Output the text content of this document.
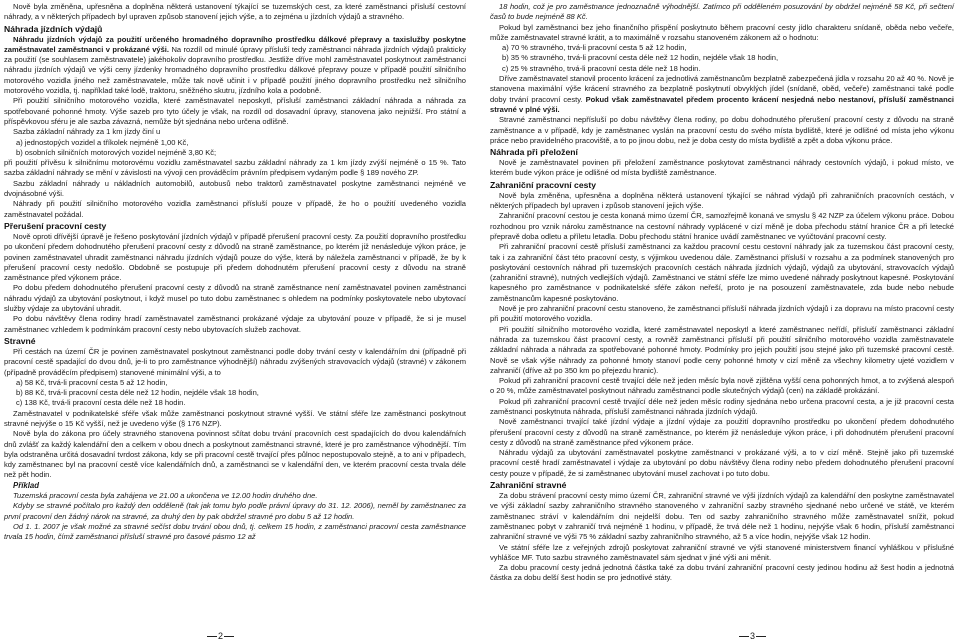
Nově byla změněna, upřesněna a doplněna některá ustanovení týkající se tuzemských cest, za které zaměstnanci přísluší cestovní náhrady, a v některých případech byl upraven způsob stanovení jejich výše, a to zejména u jízdních výdajů a stravného.

Náhrada jízdních výdajů

Náhradu jízdních výdajů za použití určeného hromadného dopravního prostředku dálkové přepravy a taxislužby poskytne zaměstnavatel zaměstnanci v prokázané výši. Na rozdíl od minulé úpravy přísluší tedy zaměstnanci náhrada jízdních výdajů prakticky za použití (se souhlasem zaměstnavatele) jakéhokoliv dopravního prostředku. Jestliže dříve mohl zaměstnavatel poskytnout zaměstnanci náhradu jízdních výdajů ve výši ceny jízdenky hromadného dopravního prostředku dálkové přepravy pouze v případě použití silničního motorového vozidla jiného než zaměstnavatele, může tak nově učinit i v případě použití jiného dopravního prostředku než silničního motorového vozidla, tj. například také lodě, traktoru, sněžného skutru, jízdního kola a podobně.

Při použití silničního motorového vozidla, které zaměstnavatel neposkytl, přísluší zaměstnanci základní náhrada a náhrada za spotřebované pohonné hmoty. Výše sazeb pro tyto účely je však, na rozdíl od dosavadní úpravy, stanovena jako nejnižší. Pro státní a příspěvkovou sféru je ale sazba závazná, nemůže být sjednána nebo určena odlišně.

Sazba základní náhrady za 1 km jízdy činí u

a) jednostopých vozidel a tříkolek nejméně 1,00 Kč,

b) osobních silničních motorových vozidel nejméně 3,80 Kč;

při použití přívěsu k silničnímu motorovému vozidlu zaměstnavatel sazbu základní náhrady za 1 km jízdy zvýší nejméně o 15 %. Tato sazba základní náhrady se mění v závislosti na vývoji cen prováděcím právním předpisem vydaným podle § 189 nového ZP.

Sazbu základní náhrady u nákladních automobilů, autobusů nebo traktorů zaměstnavatel poskytne zaměstnanci nejméně ve dvojnásobné výši.

Náhrady při použití silničního motorového vozidla zaměstnanci přísluší pouze v případě, že ho o použití uvedeného vozidla zaměstnavatel požádal.

Přerušení pracovní cesty

Nově oproti dřívější úpravě je řešeno poskytování jízdních výdajů v případě přerušení pracovní cesty. Za použití dopravního prostředku po ukončení předem dohodnutého přerušení pracovní cesty z důvodů na straně zaměstnance, po kterém již nenásleduje výkon práce, je povinen zaměstnavatel uhradit zaměstnanci náhradu jízdních výdajů pouze do výše, která by náležela zaměstnanci v případě, že by k přerušení pracovní cesty nedošlo. Obdobně se postupuje při předem dohodnutém přerušení pracovní cesty z důvodu na straně zaměstnance před výkonem práce.

Po dobu předem dohodnutého přerušení pracovní cesty z důvodů na straně zaměstnance není zaměstnavatel povinen zaměstnanci náhradu výdajů za ubytování poskytnout, i když musel po tuto dobu zaměstnanec s ohledem na podmínky poskytovatele nebo ubytovací služby výdaje za ubytování uhradit.

Po dobu návštěvy člena rodiny hradí zaměstnavatel zaměstnanci prokázané výdaje za ubytování pouze v případě, že si je musel zaměstnanec vzhledem k podmínkám pracovní cesty nebo ubytovacích služeb zachovat.

Stravné

Při cestách na území ČR je povinen zaměstnavatel poskytnout zaměstnanci podle doby trvání cesty v kalendářním dni (případně při pracovní cestě spadající do dvou dnů, je-li to pro zaměstnance výhodnější) náhradu zvýšených stravovacích výdajů (stravné) v zákonem (případně prováděcím předpisem) stanovené minimální výši, a to

a) 58 Kč, trvá-li pracovní cesta 5 až 12 hodin,

b) 88 Kč, trvá-li pracovní cesta déle než 12 hodin, nejdéle však 18 hodin,

c) 138 Kč, trvá-li pracovní cesta déle než 18 hodin.

Zaměstnavatel v podnikatelské sféře však může zaměstnanci poskytnout stravné vyšší. Ve státní sféře lze zaměstnanci poskytnout stravné nejvýše o 15 Kč vyšší, než je uvedeno výše (§ 176 NZP).

Nově byla do zákona pro účely stravného stanovena povinnost sčítat dobu trvání pracovních cest spadajících do dvou kalendářních dnů zvlášť za každý kalendářní den a celkem v obou dnech a poskytnout zaměstnanci stravné, které je pro zaměstnance výhodnější. Tím byla odstraněna určitá dosavadní tvrdost zákona, kdy se při pracovní cestě trvající přes půlnoc nepostupovalo stejně, a to ani v případech, kdy zaměstnanec byl na pracovní cestě více kalendářních dnů, a zaměstnanci se v kalendářní den, ve kterém pracovní cesta trvala déle než pět hodin.

Příklad

Tuzemská pracovní cesta byla zahájena ve 21.00 a ukončena ve 12.00 hodin druhého dne.

Kdyby se stravné počítalo pro každý den odděleně (tak jak tomu bylo podle právní úpravy do 31. 12. 2006), neměl by zaměstnanec za první pracovní den žádný nárok na stravné, za druhý den by pak obdržel stravné pro dobu 5 až 12 hodin.

Od 1. 1. 2007 je však možné za stravné sečíst dobu trvání obou dnů, tj. celkem 15 hodin, z zaměstnanci pracovní cesta zaměstnance trvala 15 hodin, čímž zaměstnanci přísluší stravné pro časové pásmo 12 až

18 hodin, což je pro zaměstnance jednoznačně výhodnější. Zatímco při odděleném posuzování by obdržel nejméně 58 Kč, při sečtení časů to bude nejméně 88 Kč.

Pokud byl zaměstnanci bez jeho finančního přispění poskytnuto během pracovní cesty jídlo charakteru snídaně, oběda nebo večeře, může zaměstnavatel stravné krátit, a to maximálně v rozsahu stanoveném zákonem až o hodnotu:

a) 70 % stravného, trvá-li pracovní cesta 5 až 12 hodin,

b) 35 % stravného, trvá-li pracovní cesta déle než 12 hodin, nejdéle však 18 hodin,

c) 25 % stravného, trvá-li pracovní cesta déle než 18 hodin.

Dříve zaměstnavatel stanovil procento krácení za jednotlivá zaměstnancům bezplatně zabezpečená jídla v rozsahu 20 až 40 %. Nově je stanovena maximální výše krácení stravného za bezplatně poskytnutí obvyklých jídel (snídaně, oběd, večeře) zaměstnanci také podle doby trvání pracovní cesty. Pokud však zaměstnavatel předem procento krácení nesjedná nebo nestanoví, přísluší zaměstnanci stravné v plné výši.

Stravné zaměstnanci nepřísluší po dobu návštěvy člena rodiny, po dobu dohodnutého přerušení pracovní cesty z důvodu na straně zaměstnance a v případě, kdy je zaměstnanec vyslán na pracovní cestu do svého místa bydliště, které je odlišné od místa jeho výkonu práce nebo pravidelného pracoviště, a to po jinou dobu, než je doba cesty do místa bydliště a zpět a doba výkonu práce.

Náhrada při přeložení

Nově je zaměstnavatel povinen při přeložení zaměstnance poskytovat zaměstnanci náhrady cestovních výdajů, i pokud místo, ve kterém bude výkon práce je odlišné od místa bydliště zaměstnance.

Zahraniční pracovní cesty

Nově byla změněna, upřesněna a doplněna některá ustanovení týkající se náhrad výdajů při zahraničních pracovních cestách, v některých případech byl upraven i způsob stanovení jejich výše.

Zahraniční pracovní cestou je cesta konaná mimo území ČR, samozřejmě konaná ve smyslu § 42 NZP za účelem výkonu práce. Dobou rozhodnou pro vznik nároku zaměstnance na cestovní náhrady vyplácené v cizí měně je doba přechodu státní hranice ČR a při letecké přepravě doba odletu a příletu letadla. Dobu přechodu státní hranice uvádí zaměstnanec ve vyúčtování pracovní cesty.

Při zahraniční pracovní cestě přísluší zaměstnanci za každou pracovní cestu cestovní náhrady jak za tuzemskou část pracovní cesty, tak i za zahraniční část této pracovní cesty, s výjimkou uvedenou dále. Zaměstnanci přísluší v rozsahu a za podmínek stanovených pro poskytování cestovních náhrad při tuzemských pracovních cestách náhrada jízdních výdajů, výdajů za ubytování, stravovacích výdajů (zahraniční stravné), nutných vedlejších výdajů. Zaměstnanci ve státní sféře lze mimo uvedené náhrady poskytnout kapesné. Poskytování kapesného pro zaměstnance v podnikatelské sféře zákon neřeší, proto je na posouzení zaměstnavatele, zda bude nebo nebude zaměstnancům kapesné poskytováno.

Nově je pro zahraniční pracovní cestu stanoveno, že zaměstnanci přísluší náhrada jízdních výdajů i za dopravu na místo pracovní cesty při použití motorového vozidla.

Při použití silničního motorového vozidla, které zaměstnavatel neposkytl a které zaměstnanec neřídí, přísluší zaměstnanci základní náhrada za tuzemskou část pracovní cesty, a rovněž zaměstnanci přísluší při použití silničního motorového vozidla zaměstnavatele základní náhrada a náhrada za spotřebované pohonné hmoty. Podmínky pro jejich použití jsou stejné jako při tuzemské pracovní cestě. Nově se však výše náhrady za pohonné hmoty stanoví podle ceny pohonné hmoty v cizí měně za všechny kilometry ujeté vozidlem v zahraničí (dříve až po 350 km po přejezdu hranic).

Pokud při zahraniční pracovní cestě trvající déle než jeden měsíc byla nově zjištěna vyšší cena pohonných hmot, a to zvýšená alespoň o 20 %, může zaměstnavatel poskytnout náhradu zaměstnanci podle skutečných výdajů (cen) na základě prokázání.

Pokud při zahraniční pracovní cestě trvající déle než jeden měsíc rodiny sjednána nebo určena pracovní cesta, a je již pracovní cesta zaměstnanci poskytnuta náhrada, přísluší zaměstnanci náhrada jízdních výdajů.

Nově zaměstnanci trvající také jízdní výdaje a jízdní výdaje za použití dopravního prostředku po ukončení předem dohodnutého přerušení pracovní cesty z důvodů na straně zaměstnance, po kterém již nenásleduje výkon práce, i při dohodnutém přerušení pracovní cesty z důvodů na straně zaměstnance před výkonem práce.

Náhradu výdajů za ubytování zaměstnavatel poskytne zaměstnanci v prokázané výši, a to v cizí měně. Stejně jako při tuzemské pracovní cestě hradí zaměstnavatel i výdaje za ubytování po dobu návštěvy člena rodiny nebo předem dohodnutého přerušení pracovní cesty pouze v případě, že si zaměstnanec ubytování musel zachovat i po tuto dobu.

Zahraniční stravné

Za dobu strávení pracovní cesty mimo území ČR, zahraniční stravné ve výši jízdních výdajů za kalendářní den poskytne zaměstnavatel ve výši základní sazby zahraničního stravného stanoveného v zahraniční sazby stravného sjednané nebo určené ve státě, ve kterém zaměstnanec stráví v kalendářním dni nejdelší dobu. Ten od sazby zahraničního stravného může zaměstnavatel snížit, pokud zaměstnanec pobyt v zahraničí trvá nejméně 1 hodinu, v případě, že trvá déle než 1 hodinu, nejvýše však 6 hodin, přísluší zaměstnanci zahraniční stravné ve výši 75 % základní sazby zahraničního stravného, až 5 a více hodin, nejvýše však 12 hodin.

Ve státní sféře lze z veřejných zdrojů poskytovat zahraniční stravné ve výši stanovené ministerstvem financí vyhláškou v příslušné vyhlášce MF. Tuto sazbu stravného zaměstnavatel sám sjednat v jiné výši ani měnit.

Za dobu pracovní cesty jedná jednotná částka také za dobu trvání zahraniční pracovní cesty jedinou hodinu až šest hodin a jednotná částka za dobu delší šest hodin se pro jednotlivé státy.

2	3
